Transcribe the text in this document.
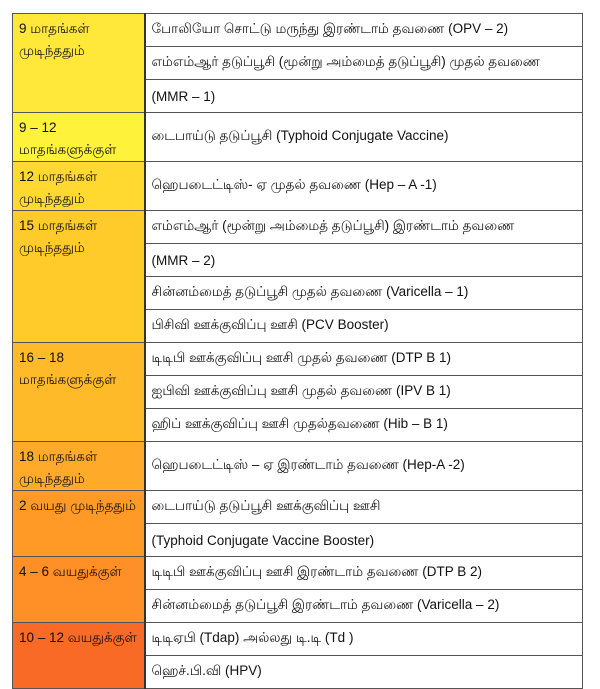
9 மாதங்கள் முடிந்ததும்	போலியோ சொட்டு மருந்து இரண்டாம் தவணை (OPV – 2)
	எம்எம்ஆர் தடுப்பூசி (மூன்று அம்மைத் தடுப்பூசி) முதல் தவணை
	(MMR – 1)
9 – 12 மாதங்களுக்குள்	டைபாய்டு தடுப்பூசி (Typhoid Conjugate Vaccine)
12 மாதங்கள் முடிந்ததும்	ஹெபடைட்டிஸ்- ஏ முதல் தவணை (Hep – A -1)
15 மாதங்கள் முடிந்ததும்	எம்எம்ஆர் (மூன்று அம்மைத் தடுப்பூசி) இரண்டாம் தவணை
	(MMR – 2)
	சின்னம்மைத் தடுப்பூசி முதல் தவணை (Varicella – 1)
	பிசிவி ஊக்குவிப்பு ஊசி (PCV Booster)
16 – 18 மாதங்களுக்குள்	டிடிபி ஊக்குவிப்பு ஊசி முதல் தவணை (DTP B 1)
	ஐபிவி ஊக்குவிப்பு ஊசி முதல் தவணை (IPV B 1)
	ஹிப் ஊக்குவிப்பு ஊசி முதல்தவணை (Hib – B 1)
18 மாதங்கள் முடிந்ததும்	ஹெபடைட்டிஸ் – ஏ இரண்டாம் தவணை (Hep-A -2)
2 வயது முடிந்ததும்	டைபாய்டு தடுப்பூசி ஊக்குவிப்பு ஊசி
	(Typhoid Conjugate Vaccine Booster)
4 – 6 வயதுக்குள்	டிடிபி ஊக்குவிப்பு ஊசி இரண்டாம் தவணை (DTP B 2)
	சின்னம்மைத் தடுப்பூசி இரண்டாம் தவணை (Varicella – 2)
10 – 12 வயதுக்குள்	டிடிஏபி (Tdap) அல்லது டி.டி (Td )
	ஹெச்.பி.வி (HPV)
